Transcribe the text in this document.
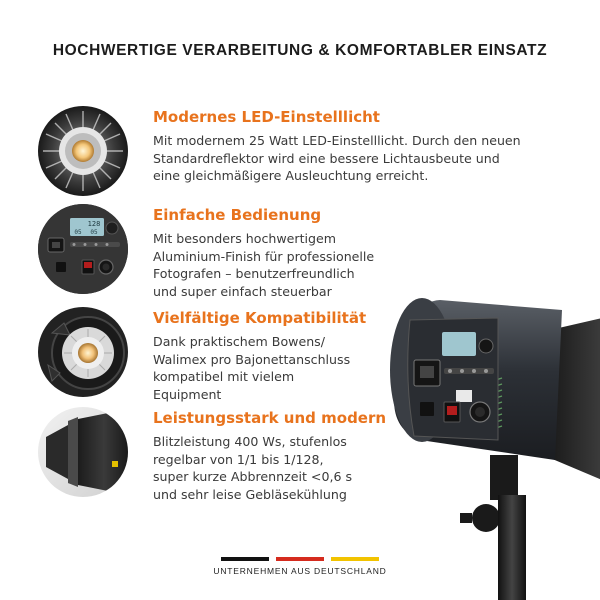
HOCHWERTIGE VERARBEITUNG & KOMFORTABLER EINSATZ
Modernes LED-Einstelllicht
Mit modernem 25 Watt LED-Einstelllicht. Durch den neuen
Standardreflektor wird eine bessere Lichtausbeute und
eine gleichmäßigere Ausleuchtung erreicht.
128
05 05
Einfache Bedienung
Mit besonders hochwertigem
Aluminium-Finish für professionelle
Fotografen – benutzerfreundlich
und super einfach steuerbar
Vielfältige Kompatibilität
Dank praktischem Bowens/
Walimex pro Bajonettanschluss
kompatibel mit vielem
Equipment
Leistungsstark und modern
Blitzleistung 400 Ws, stufenlos
regelbar von 1/1 bis 1/128,
super kurze Abbrennzeit <0,6 s
und sehr leise Gebläsekühlung
UNTERNEHMEN AUS DEUTSCHLAND
